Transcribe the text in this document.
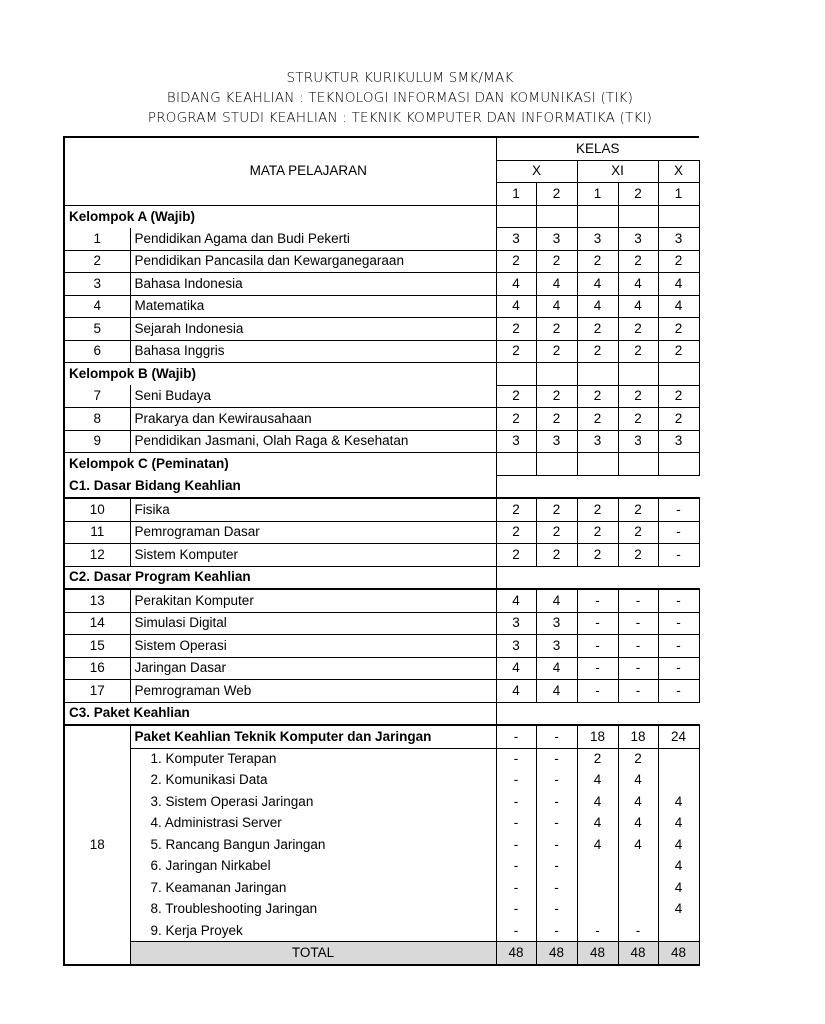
STRUKTUR KURIKULUM SMK/MAK
BIDANG KEAHLIAN : TEKNOLOGI INFORMASI DAN KOMUNIKASI (TIK)
PROGRAM STUDI KEAHLIAN : TEKNIK KOMPUTER DAN INFORMATIKA (TKI)
MATA PELAJARAN		KELAS					
		X		XI		X	
		1	2	1	2	1	
Kelompok A (Wajib)							
1	Pendidikan Agama dan Budi Pekerti	3	3	3	3	3	
2	Pendidikan Pancasila dan Kewarganegaraan	2	2	2	2	2	
3	Bahasa Indonesia	4	4	4	4	4	
4	Matematika	4	4	4	4	4	
5	Sejarah Indonesia	2	2	2	2	2	
6	Bahasa Inggris	2	2	2	2	2	
Kelompok B (Wajib)							
7	Seni Budaya	2	2	2	2	2	
8	Prakarya dan Kewirausahaan	2	2	2	2	2	
9	Pendidikan Jasmani, Olah Raga & Kesehatan	3	3	3	3	3	
Kelompok C (Peminatan)							
C1. Dasar Bidang Keahlian							
10	Fisika	2	2	2	2	-	
11	Pemrograman Dasar	2	2	2	2	-	
12	Sistem Komputer	2	2	2	2	-	
C2. Dasar Program Keahlian							
13	Perakitan Komputer	4	4	-	-	-	
14	Simulasi Digital	3	3	-	-	-	
15	Sistem Operasi	3	3	-	-	-	
16	Jaringan Dasar	4	4	-	-	-	
17	Pemrograman Web	4	4	-	-	-	
C3. Paket Keahlian							
18	Paket Keahlian Teknik Komputer dan Jaringan	-	-	18	18	24	
	1. Komputer Terapan	-	-	2	2		
	2. Komunikasi Data	-	-	4	4		
	3. Sistem Operasi Jaringan	-	-	4	4	4	
	4. Administrasi Server	-	-	4	4	4	
	5. Rancang Bangun Jaringan	-	-	4	4	4	
	6. Jaringan Nirkabel	-	-			4	
	7. Keamanan Jaringan	-	-			4	
	8. Troubleshooting Jaringan	-	-			4	
	9. Kerja Proyek	-	-	-	-		
	TOTAL	48	48	48	48	48	
